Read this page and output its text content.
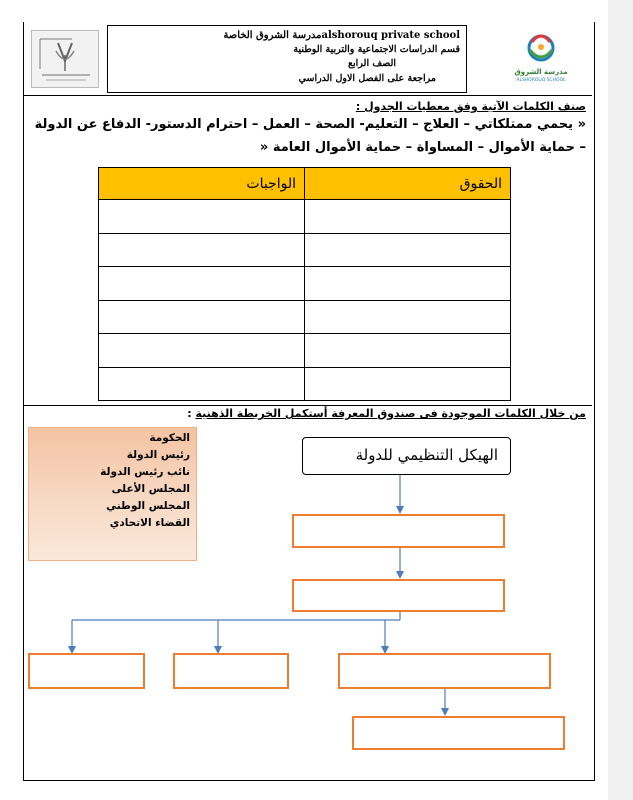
alshorouq private schoolمدرسة الشروق الخاصة
قسم الدراسات الاجتماعية والتربية الوطنية
الصف الرابع
مراجعة على الفصل الاول الدراسي
مدرسة الشروق
ALSHOROUQ SCHOOL
صنف الكلمات الآتية وفق معطيات الجدول :
« يحمي ممتلكاتي – العلاج – التعليم- الصحة – العمل – احترام الدستور- الدفاع عن الدولة
– حماية الأموال – المساواة – حماية الأموال العامة «
الواجبات	الحقوق

من خلال الكلمات الموجودة فى صندوق المعرفة أستكمل الخريطة الذهنية :
الحكومة
رئيس الدولة
نائب رئيس الدولة
المجلس الأعلى
المجلس الوطني
القضاء الاتحادي
الهيكل التنظيمي للدولة
